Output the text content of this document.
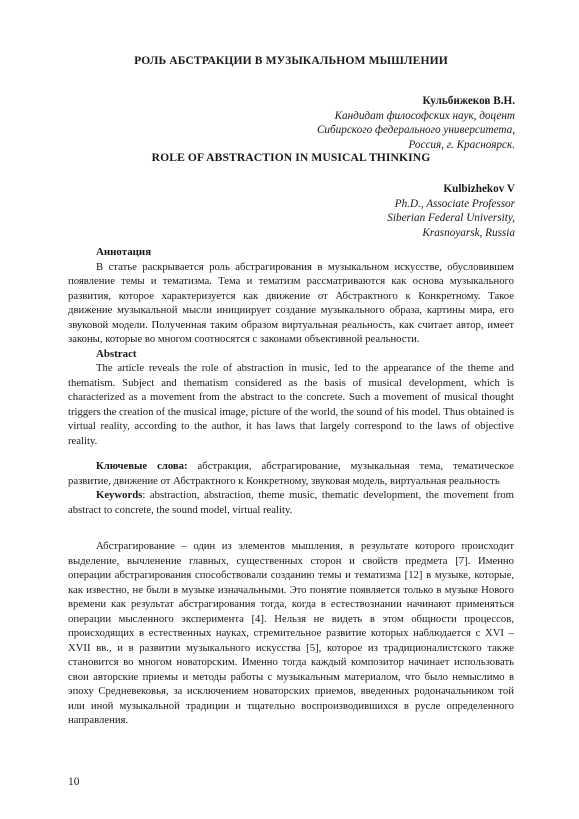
РОЛЬ АБСТРАКЦИИ В МУЗЫКАЛЬНОМ МЫШЛЕНИИ
Кульбижеков В.Н.
Кандидат философских наук, доцент
Сибирского федерального университета,
Россия, г. Красноярск.
ROLE OF ABSTRACTION IN MUSICAL THINKING
Kulbizhekov V
Ph.D., Associate Professor
Siberian Federal University,
Krasnoyarsk, Russia
Аннотация

В статье раскрывается роль абстрагирования в музыкальном искусстве, обусловившем появление темы и тематизма. Тема и тематизм рассматриваются как основа музыкального развития, которое характеризуется как движение от Абстрактного к Конкретному. Такое движение музыкальной мысли инициирует создание музыкального образа, картины мира, его звуковой модели. Полученная таким образом виртуальная реальность, как считает автор, имеет законы, которые во многом соотносятся с законами объективной реальности.

Abstract

The article reveals the role of abstraction in music, led to the appearance of the theme and thematism. Subject and thematism considered as the basis of musical development, which is characterized as a movement from the abstract to the concrete. Such a movement of musical thought triggers the creation of the musical image, picture of the world, the sound of his model. Thus obtained is virtual reality, according to the author, it has laws that largely correspond to the laws of objective reality.

Ключевые слова: абстракция, абстрагирование, музыкальная тема, тематическое развитие, движение от Абстрактного к Конкретному, звуковая модель, виртуальная реальность

Keywords: abstraction, abstraction, theme music, thematic development, the movement from abstract to concrete, the sound model, virtual reality.

Абстрагирование – один из элементов мышления, в результате которого происходит выделение, вычленение главных, существенных сторон и свойств предмета [7]. Именно операции абстрагирования способствовали созданию темы и тематизма [12] в музыке, которые, как известно, не были в музыке изначальными. Это понятие появляется только в музыке Нового времени как результат абстрагирования тогда, когда в естествознании начинают применяться операции мысленного эксперимента [4]. Нельзя не видеть в этом общности процессов, происходящих в естественных науках, стремительное развитие которых наблюдается с XVI – XVII вв., и в развитии музыкального искусства [5], которое из традиционалистского также становится во многом новаторским. Именно тогда каждый композитор начинает использовать свои авторские приемы и методы работы с музыкальным материалом, что было немыслимо в эпоху Средневековья, за исключением новаторских приемов, введенных родоначальником той или иной музыкальной традиции и тщательно воспроизводившихся в русле определенного направления.

10
